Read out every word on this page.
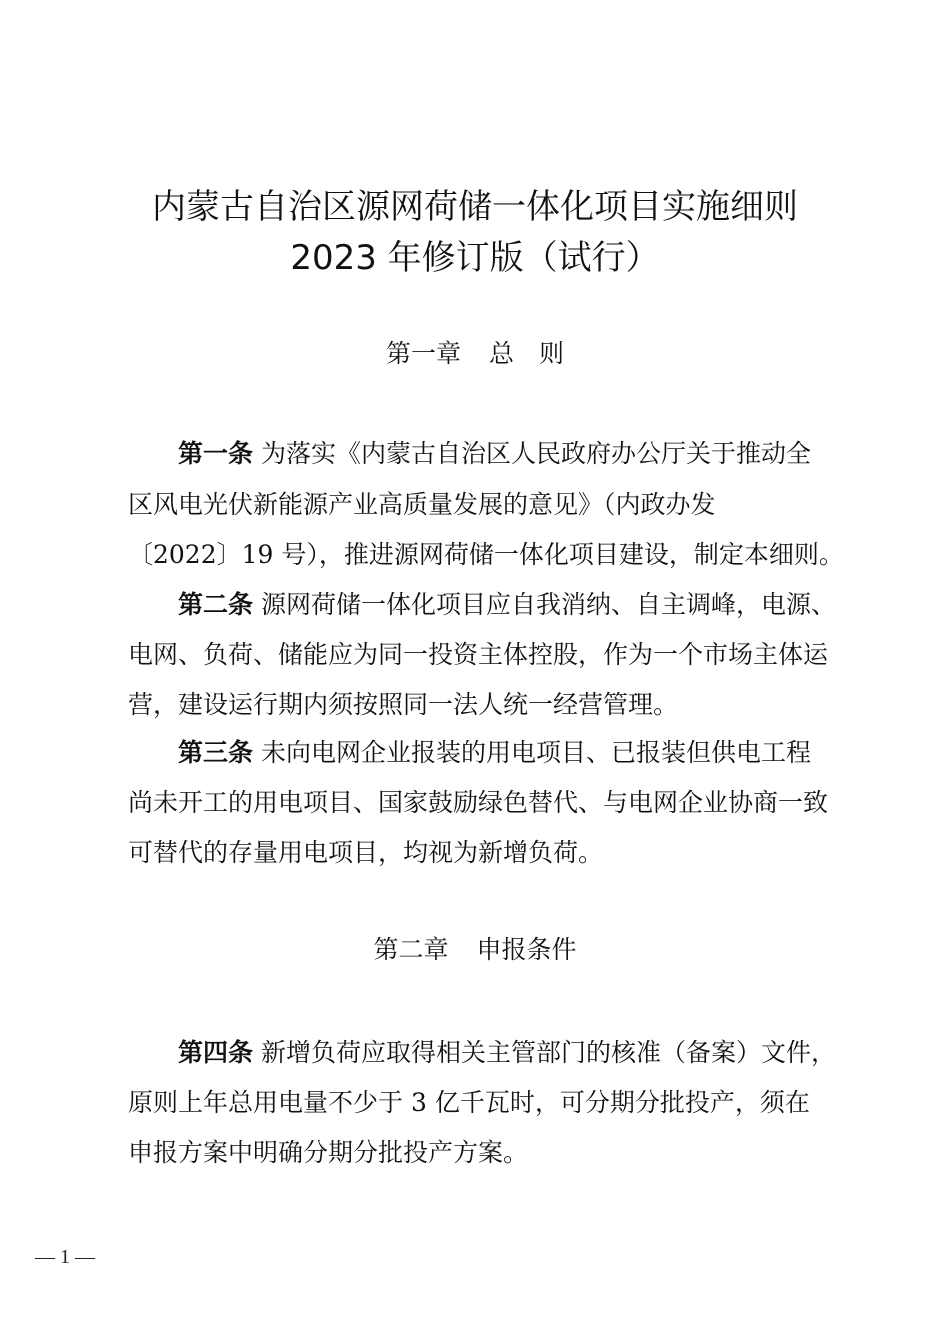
内蒙古自治区源网荷储一体化项目实施细则
2023 年修订版（试行）
第一章 总　则
第一条 为落实《内蒙古自治区人民政府办公厅关于推动全
区风电光伏新能源产业高质量发展的意见》（内政办发
〔2022〕19 号），推进源网荷储一体化项目建设，制定本细则。
第二条 源网荷储一体化项目应自我消纳、自主调峰，电源、
电网、负荷、储能应为同一投资主体控股，作为一个市场主体运
营，建设运行期内须按照同一法人统一经营管理。
第三条 未向电网企业报装的用电项目、已报装但供电工程
尚未开工的用电项目、国家鼓励绿色替代、与电网企业协商一致
可替代的存量用电项目，均视为新增负荷。
第二章 申报条件
第四条 新增负荷应取得相关主管部门的核准（备案）文件，
原则上年总用电量不少于 3 亿千瓦时，可分期分批投产，须在
申报方案中明确分期分批投产方案。
— 1 —
